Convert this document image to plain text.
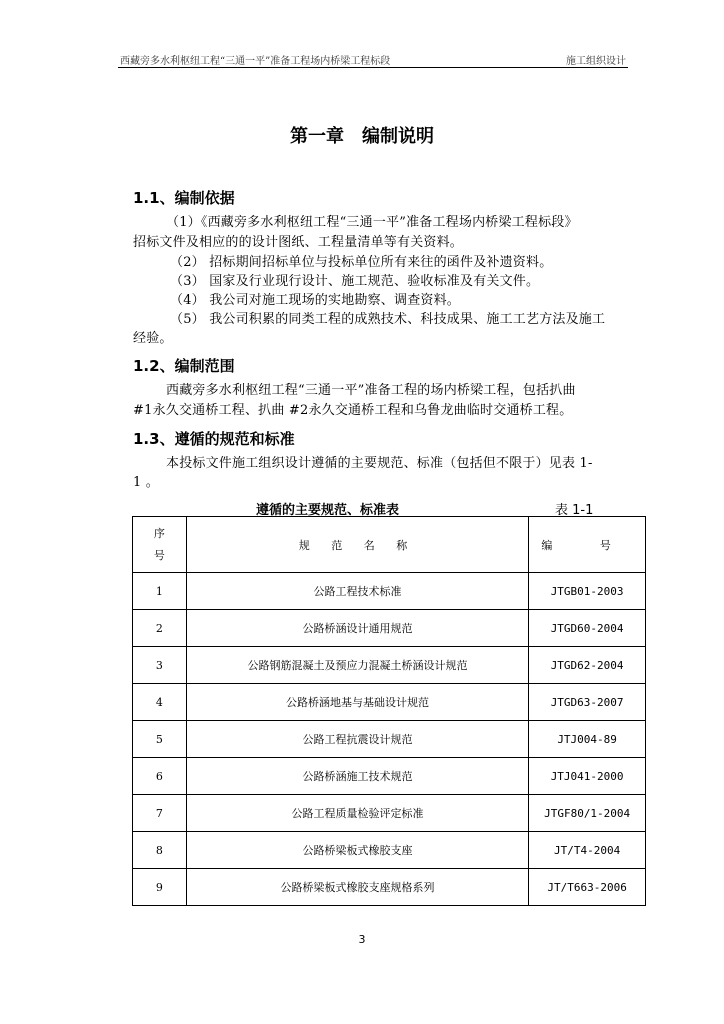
西藏旁多水利枢纽工程“三通一平”准备工程场内桥梁工程标段	施工组织设计
第一章 编制说明
1.1、编制依据
（1）《西藏旁多水利枢纽工程“三通一平”准备工程场内桥梁工程标段》
招标文件及相应的的设计图纸、工程量清单等有关资料。
（2） 招标期间招标单位与投标单位所有来往的函件及补遗资料。
（3） 国家及行业现行设计、施工规范、验收标准及有关文件。
（4） 我公司对施工现场的实地勘察、调查资料。
（5） 我公司积累的同类工程的成熟技术、科技成果、施工工艺方法及施工
经验。
1.2、编制范围
西藏旁多水利枢纽工程“三通一平”准备工程的场内桥梁工程，包括扒曲
#1永久交通桥工程、扒曲 #2永久交通桥工程和乌鲁龙曲临时交通桥工程。
1.3、遵循的规范和标准
本投标文件施工组织设计遵循的主要规范、标准（包括但不限于）见表 1-
1 。
遵循的主要规范、标准表	表 1-1
序
号	规 范 名 称	编 号
1	公路工程技术标准	JTGB01-2003
2	公路桥涵设计通用规范	JTGD60-2004
3	公路钢筋混凝土及预应力混凝土桥涵设计规范	JTGD62-2004
4	公路桥涵地基与基础设计规范	JTGD63-2007
5	公路工程抗震设计规范	JTJ004-89
6	公路桥涵施工技术规范	JTJ041-2000
7	公路工程质量检验评定标准	JTGF80/1-2004
8	公路桥梁板式橡胶支座	JT/T4-2004
9	公路桥梁板式橡胶支座规格系列	JT/T663-2006
3
